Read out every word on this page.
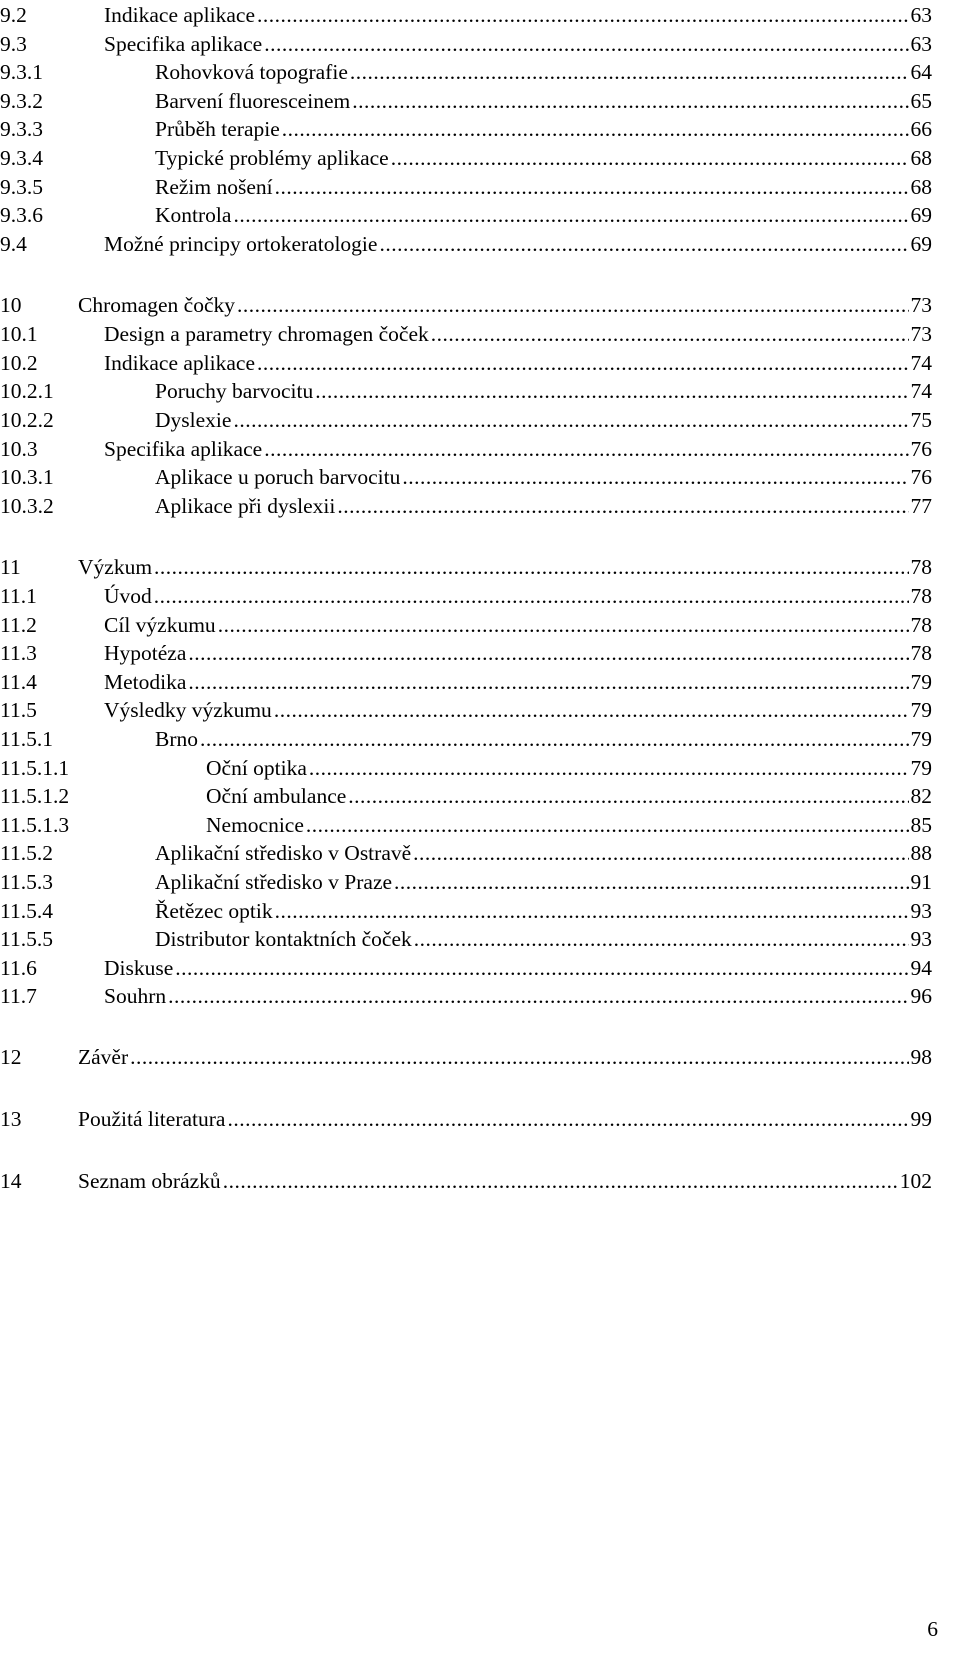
9.2	Indikace aplikace .....	63
9.3	Specifika aplikace .....	63
9.3.1	Rohovková topografie .....	64
9.3.2	Barvení fluoresceinem .....	65
9.3.3	Průběh terapie .....	66
9.3.4	Typické problémy aplikace .....	68
9.3.5	Režim nošení .....	68
9.3.6	Kontrola .....	69
9.4	Možné principy ortokeratologie .....	69
10	Chromagen čočky .....	73
10.1	Design a parametry chromagen čoček .....	73
10.2	Indikace aplikace .....	74
10.2.1	Poruchy barvocitu .....	74
10.2.2	Dyslexie .....	75
10.3	Specifika aplikace .....	76
10.3.1	Aplikace u poruch barvocitu .....	76
10.3.2	Aplikace při dyslexii .....	77
11	Výzkum .....	78
11.1	Úvod .....	78
11.2	Cíl výzkumu .....	78
11.3	Hypotéza .....	78
11.4	Metodika .....	79
11.5	Výsledky výzkumu .....	79
11.5.1	Brno .....	79
11.5.1.1	Oční optika .....	79
11.5.1.2	Oční ambulance .....	82
11.5.1.3	Nemocnice .....	85
11.5.2	Aplikační středisko v Ostravě .....	88
11.5.3	Aplikační středisko v Praze .....	91
11.5.4	Řetězec optik .....	93
11.5.5	Distributor kontaktních čoček .....	93
11.6	Diskuse .....	94
11.7	Souhrn .....	96
12	Závěr .....	98
13	Použitá literatura .....	99
14	Seznam obrázků .....	102
6
